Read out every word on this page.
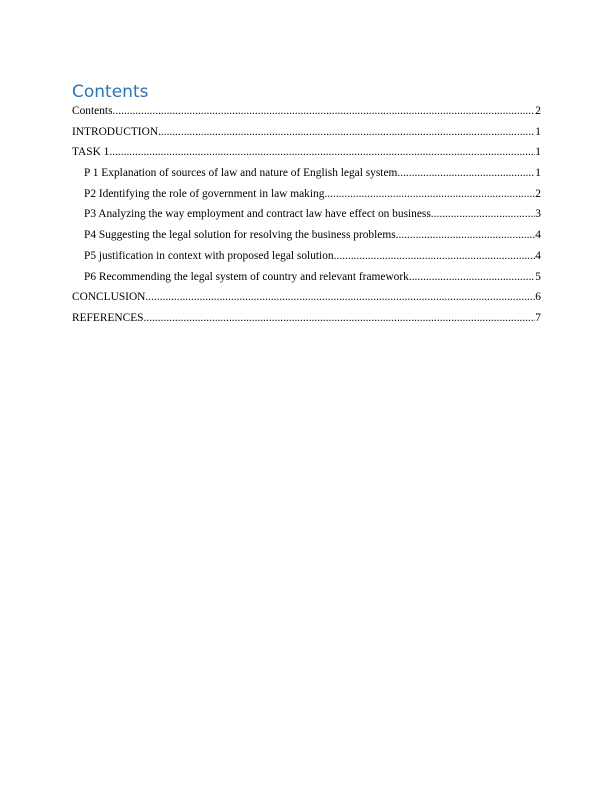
Contents
Contents .....	2
INTRODUCTION .....	1
TASK 1 .....	1
P 1 Explanation of sources of law and nature of English legal system .....	1
P2 Identifying the role of government in law making .....	2
P3 Analyzing the way employment and contract law have effect on business .....	3
P4 Suggesting the legal solution for resolving the business problems .....	4
P5 justification in context with proposed legal solution .....	4
P6 Recommending the legal system of country and relevant framework .....	5
CONCLUSION .....	6
REFERENCES .....	7
